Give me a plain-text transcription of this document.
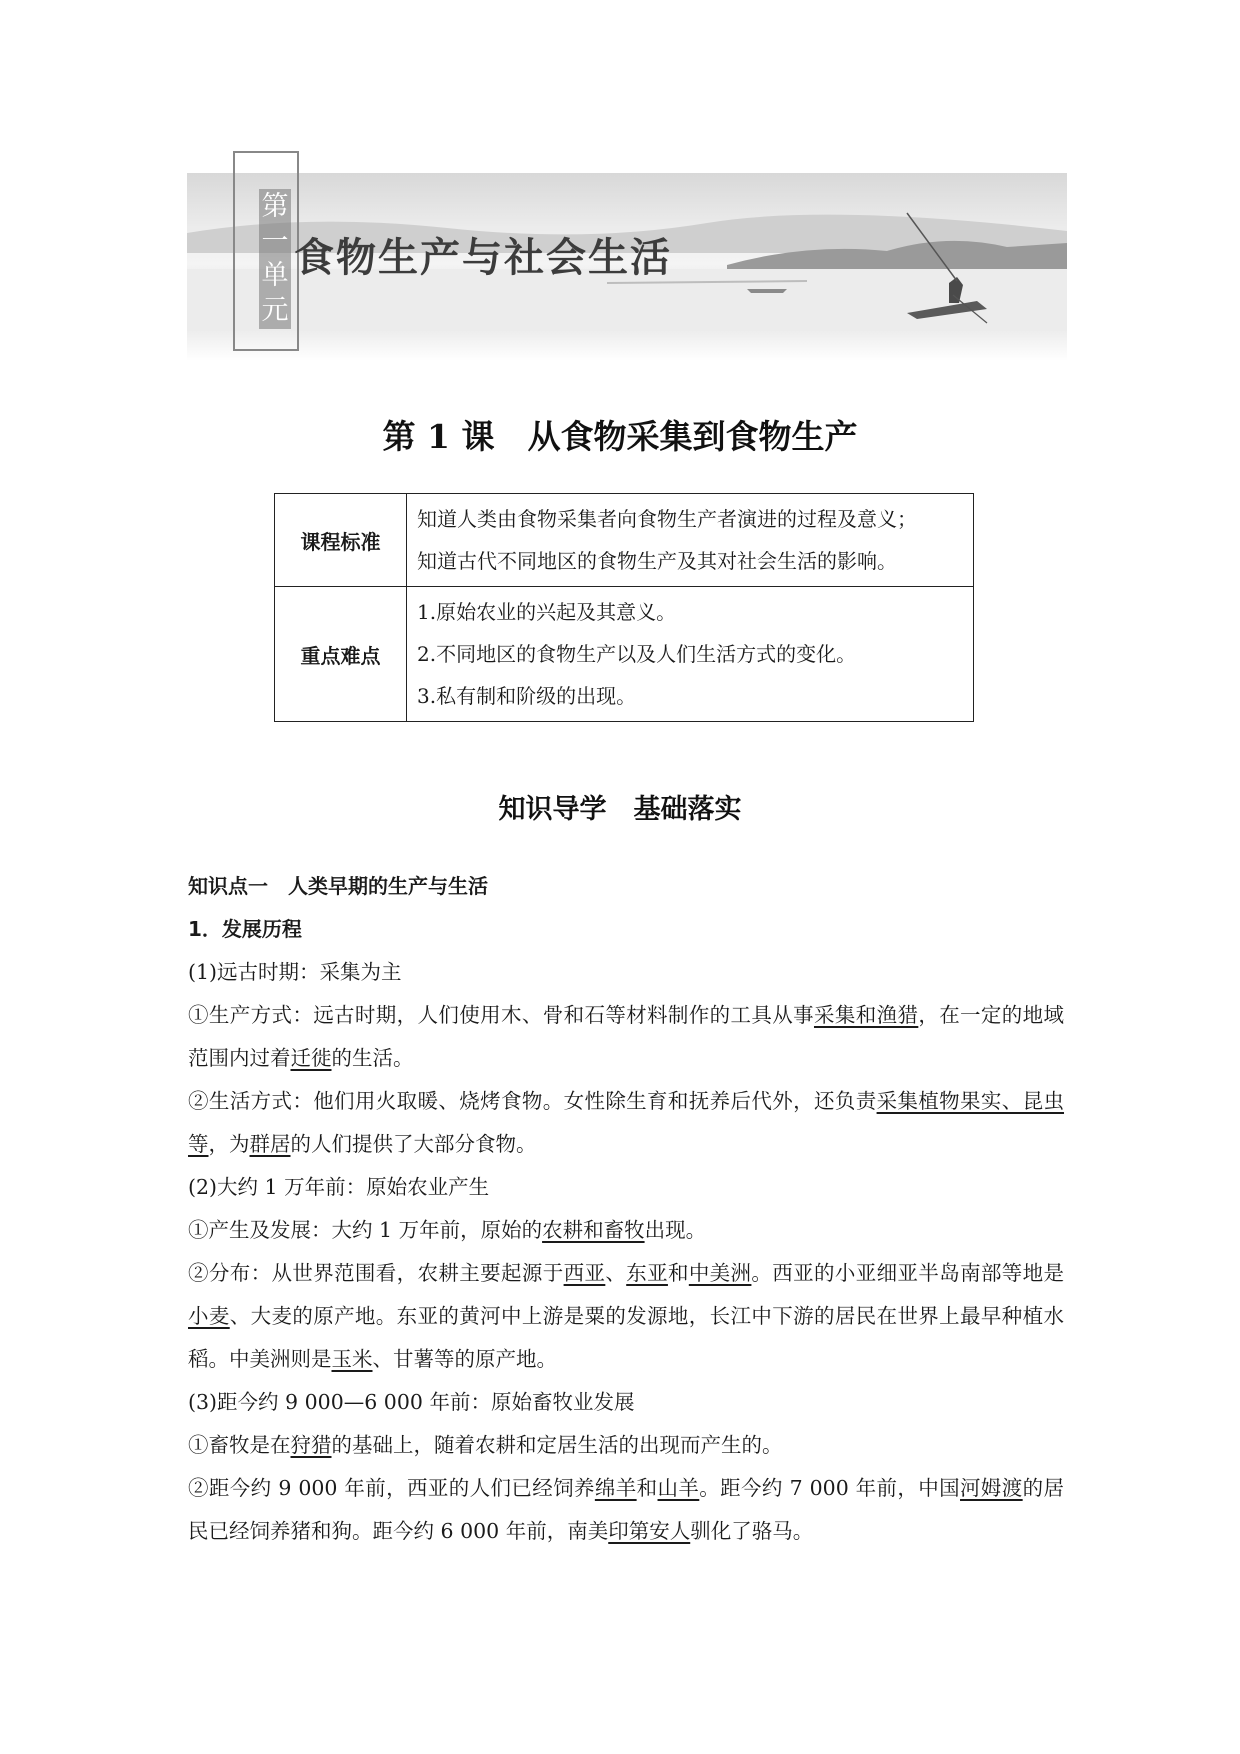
第
一
单
元
食物生产与社会生活
第 1 课　从食物采集到食物生产
课程标准	知道人类由食物采集者向食物生产者演进的过程及意义；

知道古代不同地区的食物生产及其对社会生活的影响。

重点难点	1.原始农业的兴起及其意义。

2.不同地区的食物生产以及人们生活方式的变化。

3.私有制和阶级的出现。

知识导学　基础落实

知识点一　人类早期的生产与生活

1．发展历程

(1)远古时期：采集为主

①生产方式：远古时期，人们使用木、骨和石等材料制作的工具从事采集和渔猎，在一定的地域范围内过着迁徙的生活。

②生活方式：他们用火取暖、烧烤食物。女性除生育和抚养后代外，还负责采集植物果实、昆虫等，为群居的人们提供了大部分食物。

(2)大约 1 万年前：原始农业产生

①产生及发展：大约 1 万年前，原始的农耕和畜牧出现。

②分布：从世界范围看，农耕主要起源于西亚、东亚和中美洲。西亚的小亚细亚半岛南部等地是小麦、大麦的原产地。东亚的黄河中上游是粟的发源地，长江中下游的居民在世界上最早种植水稻。中美洲则是玉米、甘薯等的原产地。

(3)距今约 9 000—6 000 年前：原始畜牧业发展

①畜牧是在狩猎的基础上，随着农耕和定居生活的出现而产生的。

②距今约 9 000 年前，西亚的人们已经饲养绵羊和山羊。距今约 7 000 年前，中国河姆渡的居民已经饲养猪和狗。距今约 6 000 年前，南美印第安人驯化了骆马。
